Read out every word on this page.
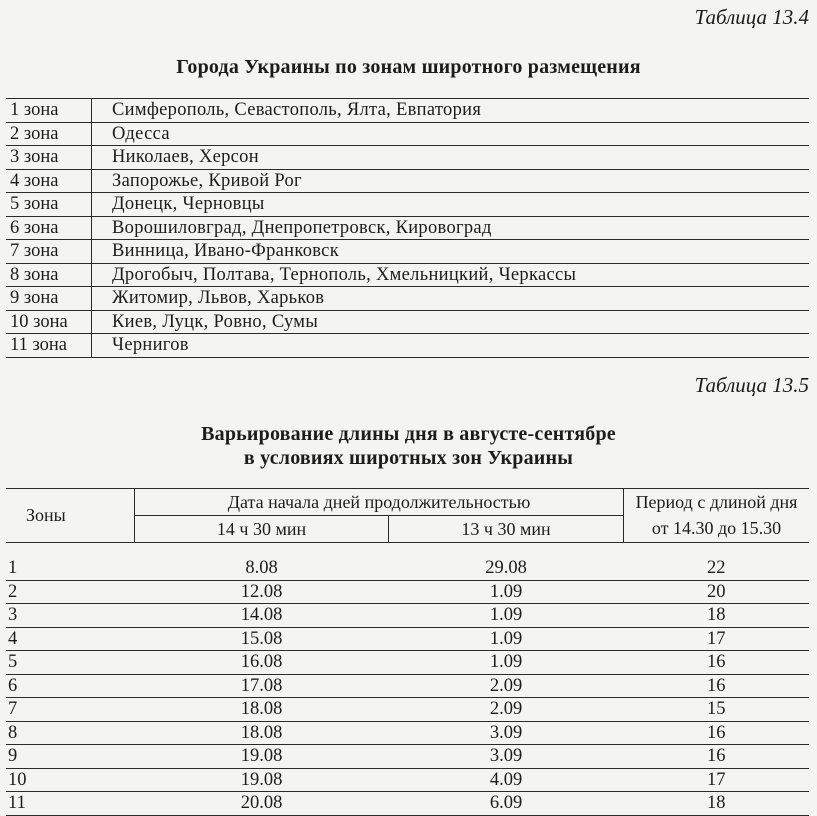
Таблица 13.4
Города Украины по зонам широтного размещения
1 зона	Симферополь, Севастополь, Ялта, Евпатория
2 зона	Одесса
3 зона	Николаев, Херсон
4 зона	Запорожье, Кривой Рог
5 зона	Донецк, Черновцы
6 зона	Ворошиловград, Днепропетровск, Кировоград
7 зона	Винница, Ивано-Франковск
8 зона	Дрогобыч, Полтава, Тернополь, Хмельницкий, Черкассы
9 зона	Житомир, Львов, Харьков
10 зона	Киев, Луцк, Ровно, Сумы
11 зона	Чернигов
Таблица 13.5
Варьирование длины дня в августе-сентябре
в условиях широтных зон Украины
Зоны	Дата начала дней продолжительностью		Период с длиной дня
	14 ч 30 мин	13 ч 30 мин	от 14.30 до 15.30
1	8.08	29.08	22
2	12.08	1.09	20
3	14.08	1.09	18
4	15.08	1.09	17
5	16.08	1.09	16
6	17.08	2.09	16
7	18.08	2.09	15
8	18.08	3.09	16
9	19.08	3.09	16
10	19.08	4.09	17
11	20.08	6.09	18
